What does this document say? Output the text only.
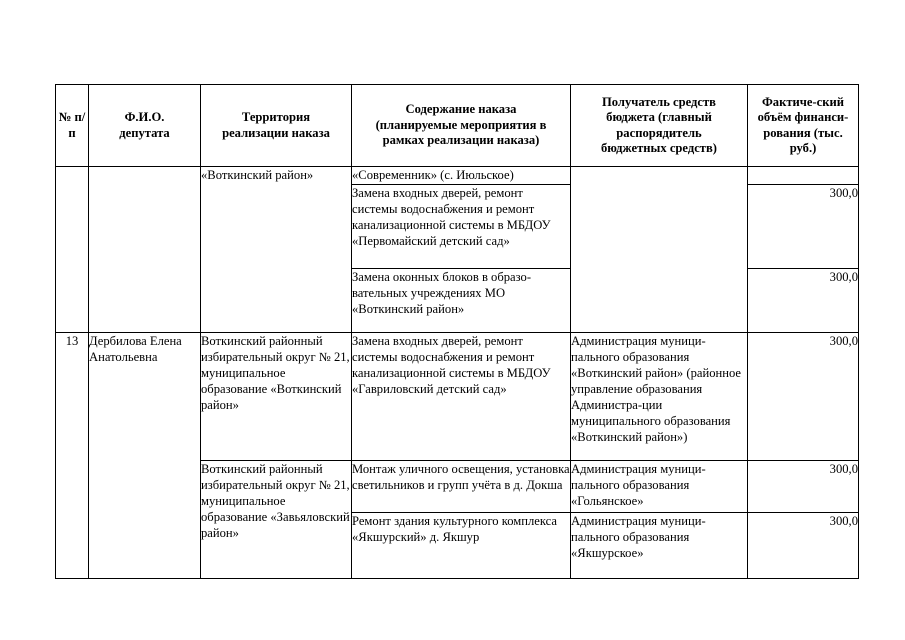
№ п/п	Ф.И.О. депутата	Территория реализации наказа	Содержание наказа (планируемые мероприятия в рамках реализации наказа)	Получатель средств бюджета (главный распорядитель бюджетных средств)	Фактиче-ский объём финанси-рования (тыс. руб.)
		«Воткинский район»	«Современник» (с. Июльское)		
			Замена входных дверей, ремонт системы водоснабжения и ремонт канализационной системы в МБДОУ «Первомайский детский сад»		300,0
			Замена оконных блоков в образо-вательных учреждениях МО «Воткинский район»		300,0
13	Дербилова Елена Анатольевна	Воткинский районный избирательный округ № 21, муниципальное образование «Воткинский район»	Замена входных дверей, ремонт системы водоснабжения и ремонт канализационной системы в МБДОУ «Гавриловский детский сад»	Администрация муници-пального образования «Воткинский район» (районное управление образования Администра-ции муниципального образования «Воткинский район»)	300,0
		Воткинский районный избирательный округ № 21, муниципальное образование «Завьяловский район»	Монтаж уличного освещения, установка светильников и групп учёта в д. Докша	Администрация муници-пального образования «Гольянское»	300,0
			Ремонт здания культурного комплекса «Якшурский» д. Якшур	Администрация муници-пального образования «Якшурское»	300,0
